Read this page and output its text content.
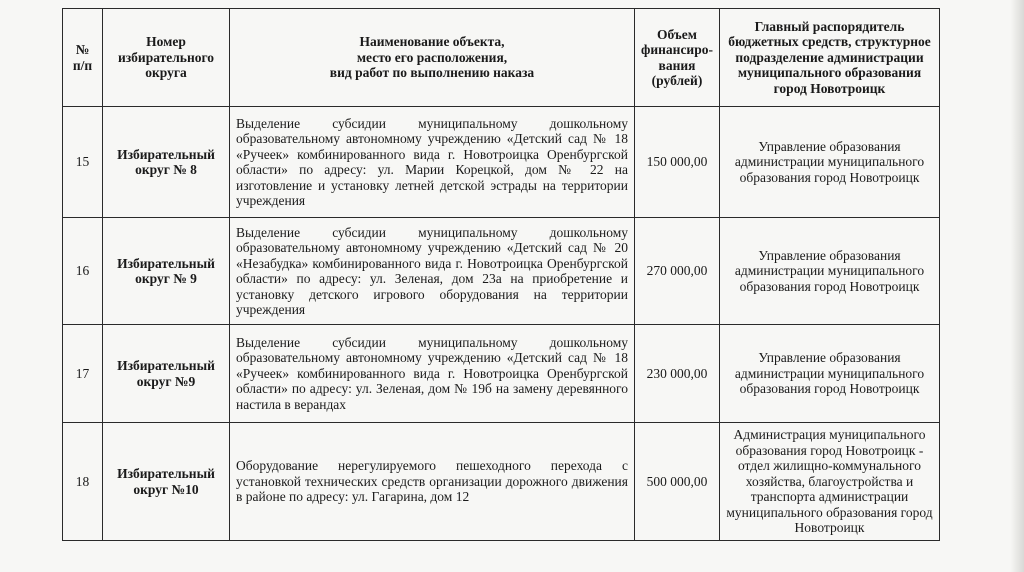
№
п/п	Номер избирательного округа	Наименование объекта,
место его расположения,
вид работ по выполнению наказа	Объем финансиро-вания (рублей)	Главный распорядитель бюджетных средств, структурное подразделение администрации муниципального образования город Новотроицк
15	Избирательный округ № 8	Выделение субсидии муниципальному дошкольному образовательному автономному учреждению «Детский сад № 18 «Ручеек» комбинированного вида г. Новотроицка Оренбургской области» по адресу: ул. Марии Корецкой, дом № 22 на изготовление и установку летней детской эстрады на территории учреждения	150 000,00	Управление образования администрации муниципального образования город Новотроицк
16	Избирательный округ № 9	Выделение субсидии муниципальному дошкольному образовательному автономному учреждению «Детский сад № 20 «Незабудка» комбинированного вида г. Новотроицка Оренбургской области» по адресу: ул. Зеленая, дом 23а на приобретение и установку детского игрового оборудования на территории учреждения	270 000,00	Управление образования администрации муниципального образования город Новотроицк
17	Избирательный округ №9	Выделение субсидии муниципальному дошкольному образовательному автономному учреждению «Детский сад № 18 «Ручеек» комбинированного вида г. Новотроицка Оренбургской области» по адресу: ул. Зеленая, дом № 19б на замену деревянного настила в верандах	230 000,00	Управление образования администрации муниципального образования город Новотроицк
18	Избирательный округ №10	Оборудование нерегулируемого пешеходного перехода с установкой технических средств организации дорожного движения в районе по адресу: ул. Гагарина, дом 12	500 000,00	Администрация муниципального образования город Новотроицк - отдел жилищно-коммунального хозяйства, благоустройства и транспорта администрации муниципального образования город Новотроицк
